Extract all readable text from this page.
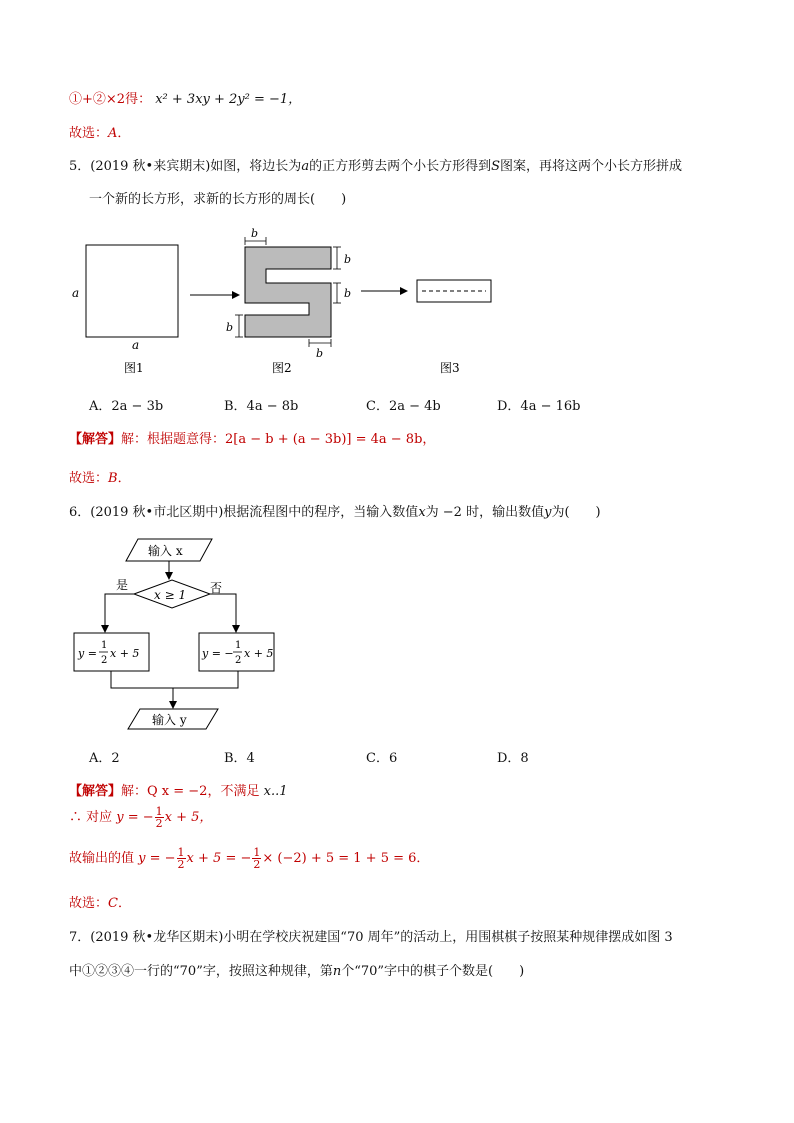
①+②×2得： x² + 3xy + 2y² = −1，
故选：A．
5．(2019 秋•来宾期末)如图，将边长为a的正方形剪去两个小长方形得到S图案，再将这两个小长方形拼成
一个新的长方形，求新的长方形的周长(　　)
a
a
图1
b
b
b
b
b
图2	图3
A．2a − 3b	B．4a − 8b	C．2a − 4b	D．4a − 16b
【解答】解：根据题意得：2[a − b + (a − 3b)] = 4a − 8b，
故选：B．
6．(2019 秋•市北区期中)根据流程图中的程序，当输入数值x为 −2 时，输出数值y为(　　)
输入 x
x ≥ 1
是	否
y =
1
2
x + 5	y = −
1
2
x + 5
输入 y
A．2	B．4	C．6	D．8
【解答】解：Q x = −2，不满足 x..1
∴ 对应 y = − $\frac{1}{2}$ x + 5，
故输出的值 y = − $\frac{1}{2}$ x + 5 = − $\frac{1}{2} \times (-2) + 5 = 1 + 5 = 6$．
故选：C．
7．(2019 秋•龙华区期末)小明在学校庆祝建国“70 周年”的活动上，用围棋棋子按照某种规律摆成如图 3
中①②③④一行的“70”字，按照这种规律，第n个“70”字中的棋子个数是(　　)
